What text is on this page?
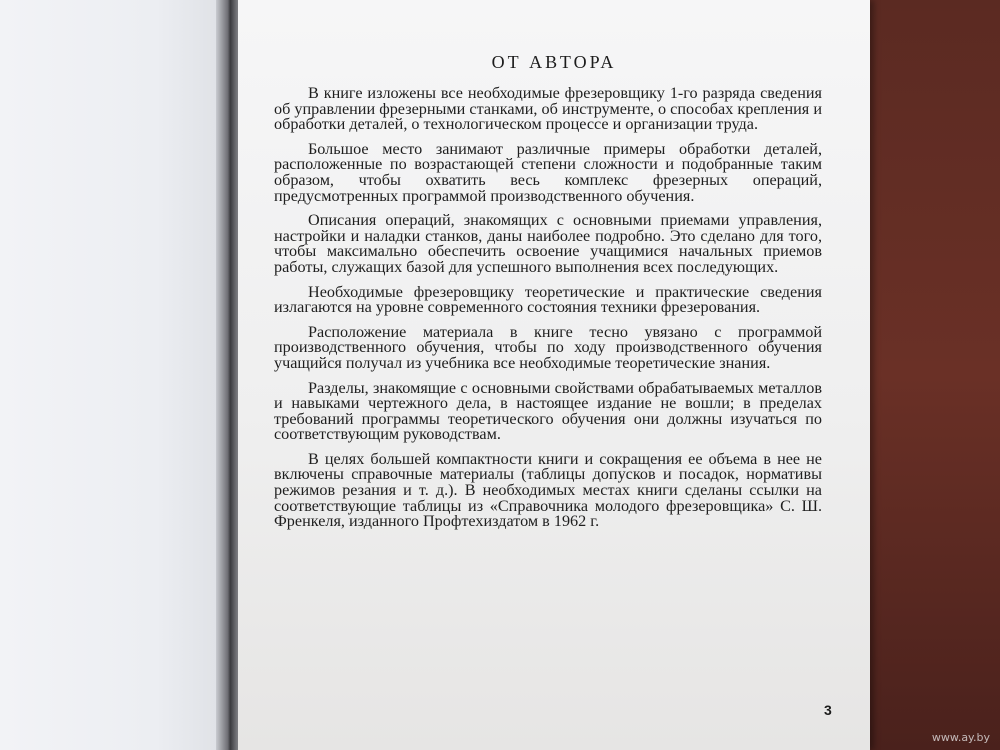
ОТ АВТОРА

В книге изложены все необходимые фрезеровщику 1-го разряда сведения об управлении фрезерными станками, об инструменте, о способах крепления и обработки деталей, о технологическом процессе и организации труда.

Большое место занимают различные примеры обработки деталей, расположенные по возрастающей степени сложности и подобранные таким образом, чтобы охватить весь комплекс фрезерных операций, предусмотренных программой производственного обучения.

Описания операций, знакомящих с основными приемами управления, настройки и наладки станков, даны наиболее подробно. Это сделано для того, чтобы максимально обеспечить освоение учащимися начальных приемов работы, служащих базой для успешного выполнения всех последующих.

Необходимые фрезеровщику теоретические и практические сведения излагаются на уровне современного состояния техники фрезерования.

Расположение материала в книге тесно увязано с программой производственного обучения, чтобы по ходу производственного обучения учащийся получал из учебника все необходимые теоретические знания.

Разделы, знакомящие с основными свойствами обрабатываемых металлов и навыками чертежного дела, в настоящее издание не вошли; в пределах требований программы теоретического обучения они должны изучаться по соответствующим руководствам.

В целях большей компактности книги и сокращения ее объема в нее не включены справочные материалы (таблицы допусков и посадок, нормативы режимов резания и т. д.). В необходимых местах книги сделаны ссылки на соответствующие таблицы из «Справочника молодого фрезеровщика» С. Ш. Френкеля, изданного Профтехиздатом в 1962 г.

3
www.ay.by
